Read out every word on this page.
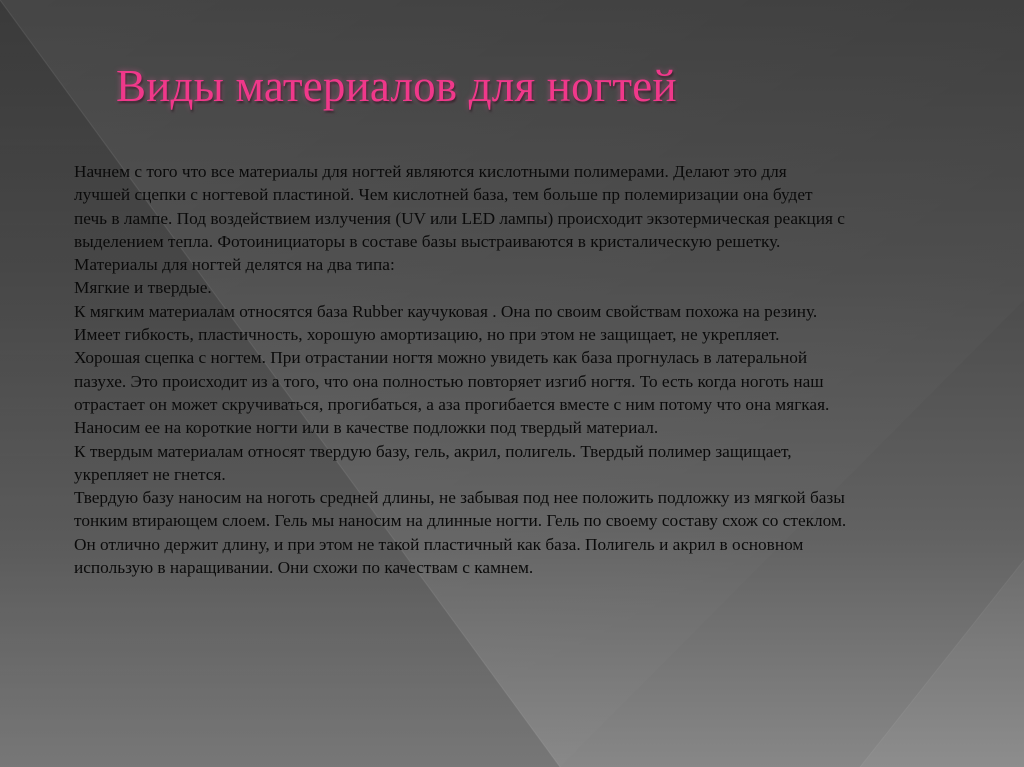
Виды материалов для ногтей
Начнем с того что все материалы для ногтей являются кислотными полимерами. Делают это для
лучшей сцепки с ногтевой пластиной. Чем кислотней база, тем больше пр полемиризации она будет
печь в лампе. Под воздействием излучения (UV или LED лампы) происходит экзотермическая реакция с
выделением тепла. Фотоинициаторы в составе базы выстраиваются в кристалическую решетку.
Материалы для ногтей делятся на два типа:
Мягкие и твердые.
К мягким материалам относятся база Rubber каучуковая . Она по своим свойствам похожа на резину.
Имеет гибкость, пластичность, хорошую амортизацию, но при этом не защищает, не укрепляет.
Хорошая сцепка с ногтем. При отрастании ногтя можно увидеть как база прогнулась в латеральной
пазухе. Это происходит из а того, что она полностью повторяет изгиб ногтя. То есть когда ноготь наш
отрастает он может скручиваться, прогибаться, а аза прогибается вместе с ним потому что она мягкая.
Наносим ее на короткие ногти или в качестве подложки под твердый материал.
К твердым материалам относят твердую базу, гель, акрил, полигель. Твердый полимер защищает,
укрепляет не гнется.
Твердую базу наносим на ноготь средней длины, не забывая под нее положить подложку из мягкой базы
тонким втирающем слоем. Гель мы наносим на длинные ногти. Гель по своему составу схож со стеклом.
Он отлично держит длину, и при этом не такой пластичный как база. Полигель и акрил в основном
использую в наращивании. Они схожи по качествам с камнем.
